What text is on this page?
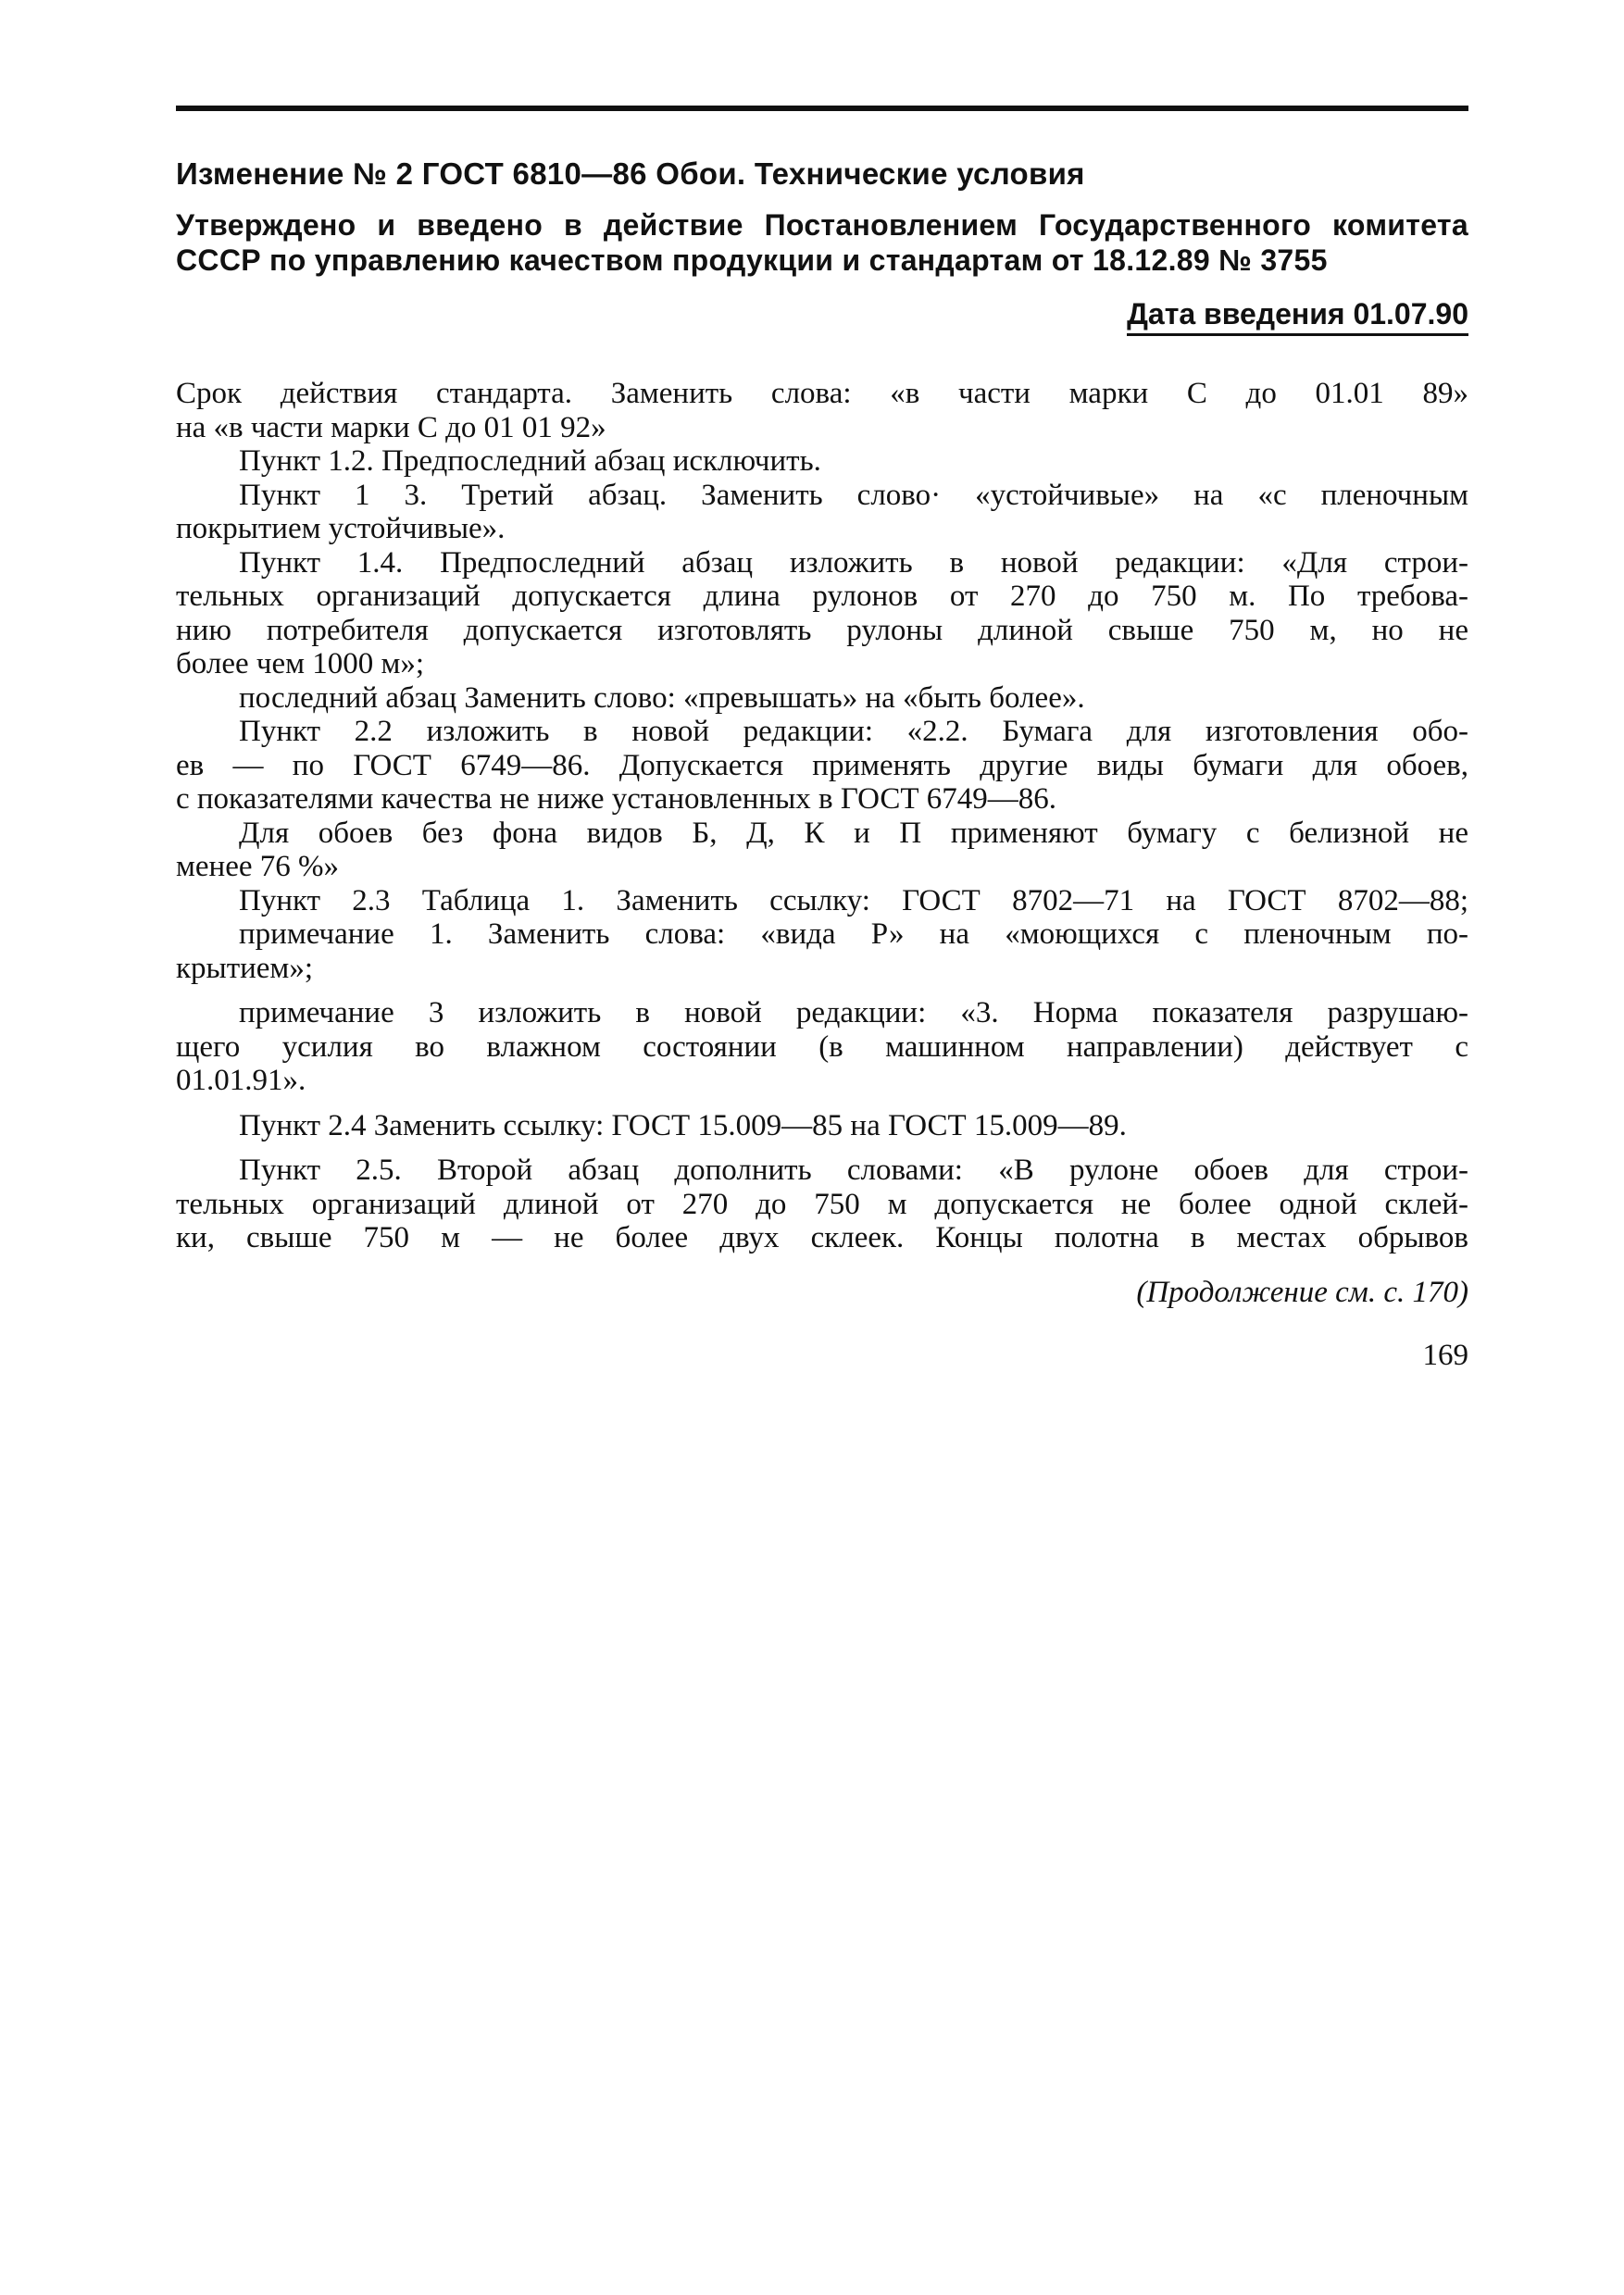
Изменение № 2 ГОСТ 6810—86 Обои. Технические условия

Утверждено и введено в действие Постановлением Государственного комитета
СССР по управлению качеством продукции и стандартам от 18.12.89 № 3755

Дата введения 01.07.90
Срок действия стандарта. Заменить слова: «в части марки С до 01.01 89»
на «в части марки С до 01 01 92»
Пункт 1.2. Предпоследний абзац исключить.
Пункт 1 3. Третий абзац. Заменить слово· «устойчивые» на «с пленочным
покрытием устойчивые».
Пункт 1.4. Предпоследний абзац изложить в новой редакции: «Для строи-
тельных организаций допускается длина рулонов от 270 до 750 м. По требова-
нию потребителя допускается изготовлять рулоны длиной свыше 750 м, но не
более чем 1000 м»;
последний абзац Заменить слово: «превышать» на «быть более».
Пункт 2.2 изложить в новой редакции: «2.2. Бумага для изготовления обо-
ев — по ГОСТ 6749—86. Допускается применять другие виды бумаги для обоев,
с показателями качества не ниже установленных в ГОСТ 6749—86.
Для обоев без фона видов Б, Д, К и П применяют бумагу с белизной не
менее 76 %»
Пункт 2.3 Таблица 1. Заменить ссылку: ГОСТ 8702—71 на ГОСТ 8702—88;
примечание 1. Заменить слова: «вида Р» на «моющихся с пленочным по-
крытием»;
примечание 3 изложить в новой редакции: «3. Норма показателя разрушаю-
щего усилия во влажном состоянии (в машинном направлении) действует с
01.01.91».
Пункт 2.4 Заменить ссылку: ГОСТ 15.009—85 на ГОСТ 15.009—89.
Пункт 2.5. Второй абзац дополнить словами: «В рулоне обоев для строи-
тельных организаций длиной от 270 до 750 м допускается не более одной склей-
ки, свыше 750 м — не более двух склеек. Концы полотна в местах обрывов
(Продолжение см. с. 170)
169
